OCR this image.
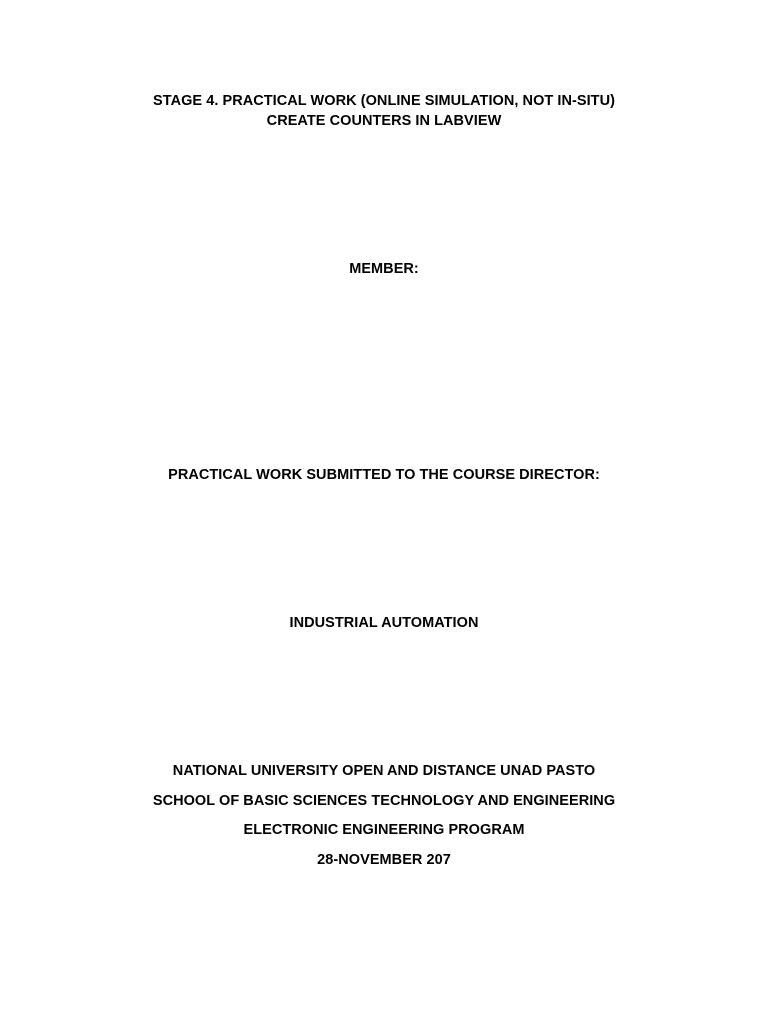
STAGE 4. PRACTICAL WORK (ONLINE SIMULATION, NOT IN-SITU)
CREATE COUNTERS IN LABVIEW
MEMBER:
PRACTICAL WORK SUBMITTED TO THE COURSE DIRECTOR:
INDUSTRIAL AUTOMATION
NATIONAL UNIVERSITY OPEN AND DISTANCE UNAD PASTO
SCHOOL OF BASIC SCIENCES TECHNOLOGY AND ENGINEERING
ELECTRONIC ENGINEERING PROGRAM
28-NOVEMBER 207
